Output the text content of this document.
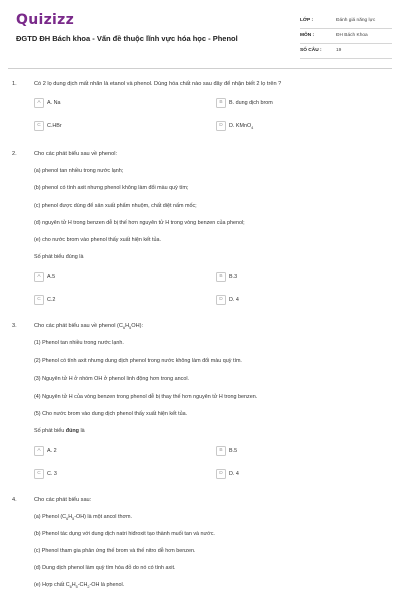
Quizizz
ĐGTD ĐH Bách khoa - Vấn đề thuộc lĩnh vực hóa học - Phenol
LỚP :	Đánh giá năng lực
MÔN :	ĐH Bách Khoa
SỐ CÂU :	19
1.	Có 2 lọ dung dịch mất nhãn là etanol và phenol. Dùng hóa chất nào sau đây để nhận biết 2 lọ trên ?
A	A. Na	B	B. dung dịch brom
C	C.HBr	D	D. KMnO$_4$
2.	Cho các phát biểu sau về phenol:
(a) phenol tan nhiều trong nước lạnh;
(b) phenol có tính axit nhưng phenol không làm đổi màu quỳ tím;
(c) phenol được dùng để sản xuất phẩm nhuộm, chất diệt nấm mốc;
(d) nguyên tử H trong benzen dễ bị thế hơn nguyên tử H trong vòng benzen của phenol;
(e) cho nước brom vào phenol thấy xuất hiện kết tủa.
Số phát biểu đúng là
A	A.5	B	B.3
C	C.2	D	D. 4
3.	Cho các phát biểu sau về phenol $(C_6H_5OH)$:
(1) Phenol tan nhiều trong nước lạnh.
(2) Phenol có tính axit nhưng dung dịch phenol trong nước không làm đổi màu quỳ tím.
(3) Nguyên tử H ở nhóm OH ở phenol linh động hơn trong ancol.
(4) Nguyên tử H của vòng benzen trong phenol dễ bị thay thế hơn nguyên tử H trong benzen.
(5) Cho nước brom vào dung dịch phenol thấy xuất hiện kết tủa.
Số phát biểu đúng là
A	A. 2	B	B.5
C	C. 3	D	D. 4
4.	Cho các phát biểu sau:
(a) Phenol $(C_6H_5-OH)$ là một ancol thơm.
(b) Phenol tác dụng với dung dịch natri hiđroxit tạo thành muối tan và nước.
(c) Phenol tham gia phản ứng thế brom và thế nitro dễ hơn benzen.
(d) Dung dịch phenol làm quỳ tím hóa đỏ do nó có tính axit.
(e) Hợp chất $C_6H_5-CH_2-OH$ là phenol.
